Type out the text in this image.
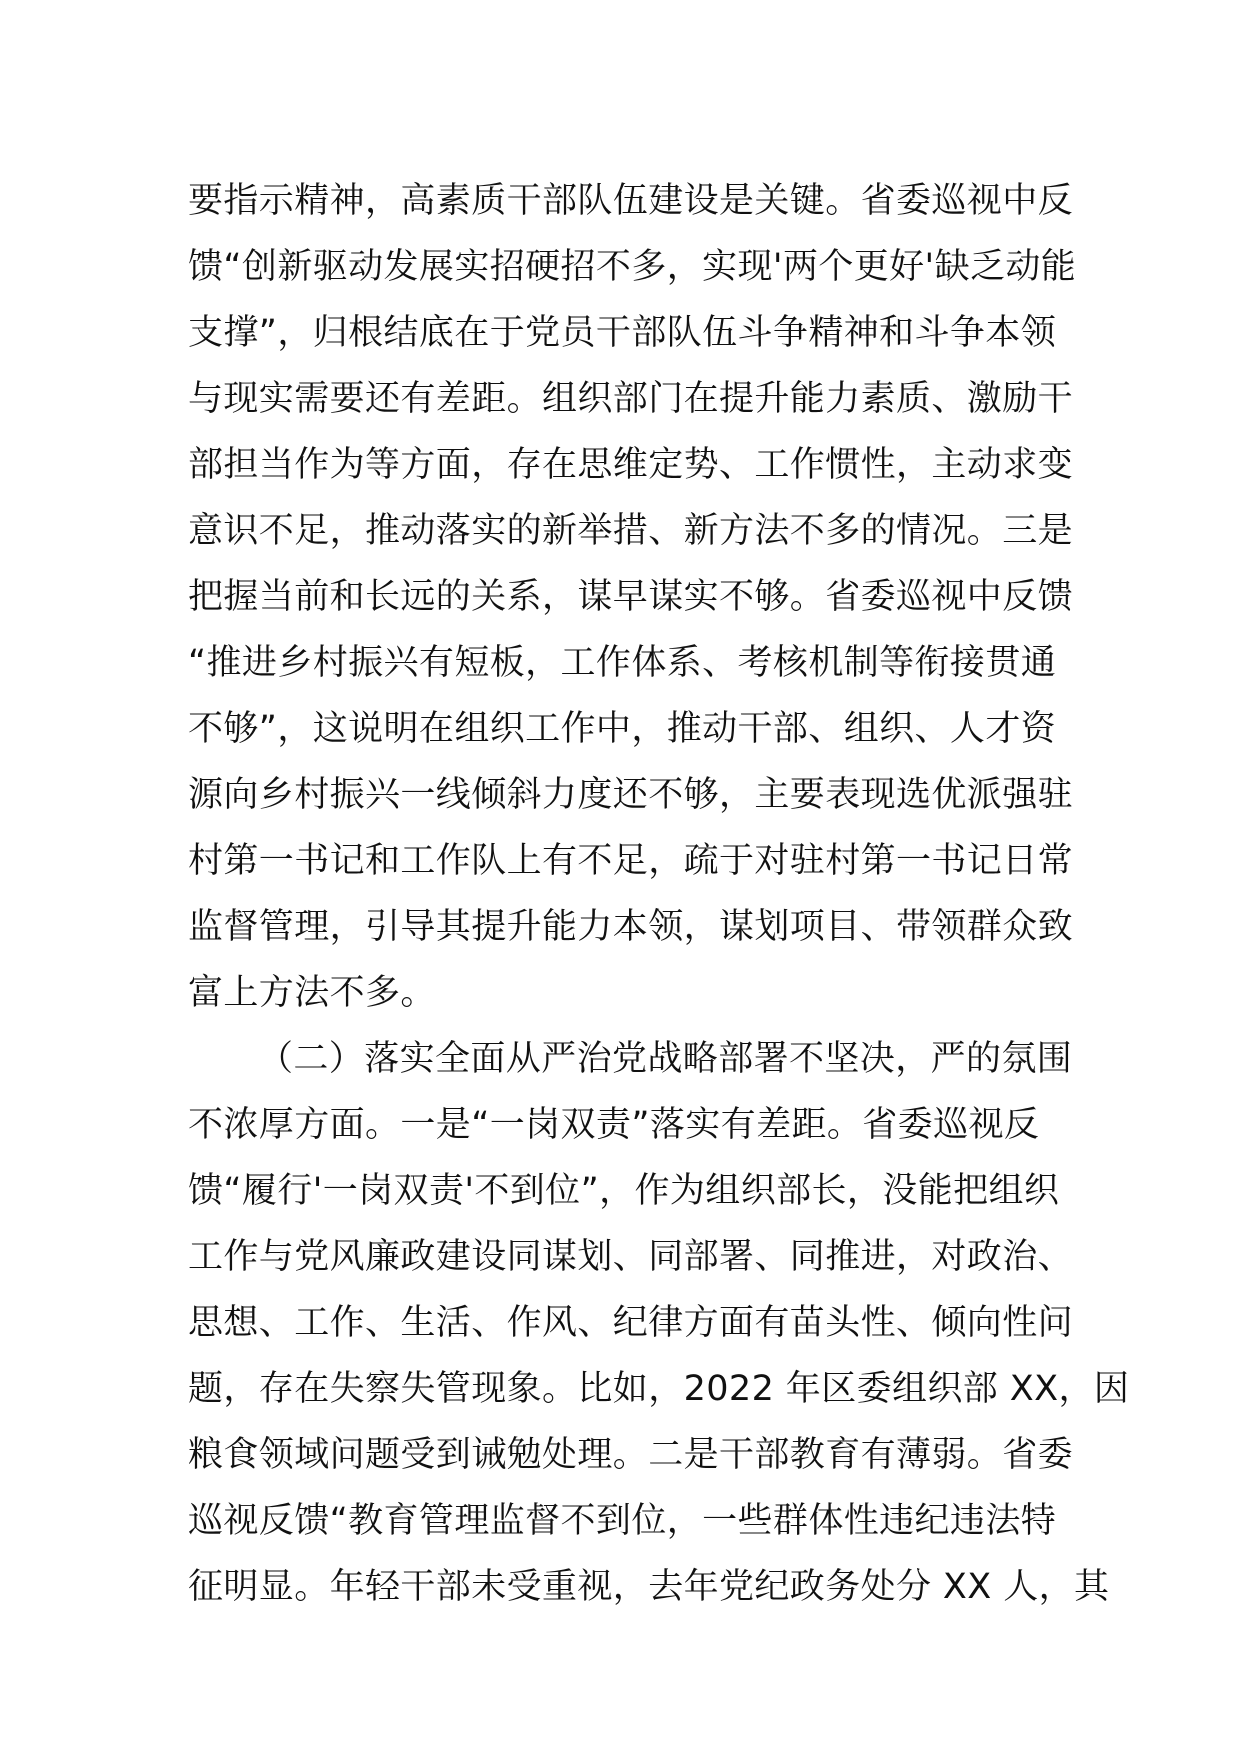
要指示精神，高素质干部队伍建设是关键。省委巡视中反
馈“创新驱动发展实招硬招不多，实现'两个更好'缺乏动能
支撑”，归根结底在于党员干部队伍斗争精神和斗争本领
与现实需要还有差距。组织部门在提升能力素质、激励干
部担当作为等方面，存在思维定势、工作惯性，主动求变
意识不足，推动落实的新举措、新方法不多的情况。三是
把握当前和长远的关系，谋早谋实不够。省委巡视中反馈
“推进乡村振兴有短板，工作体系、考核机制等衔接贯通
不够”，这说明在组织工作中，推动干部、组织、人才资
源向乡村振兴一线倾斜力度还不够，主要表现选优派强驻
村第一书记和工作队上有不足，疏于对驻村第一书记日常
监督管理，引导其提升能力本领，谋划项目、带领群众致
富上方法不多。
（二）落实全面从严治党战略部署不坚决，严的氛围
不浓厚方面。一是“一岗双责”落实有差距。省委巡视反
馈“履行'一岗双责'不到位”，作为组织部长，没能把组织
工作与党风廉政建设同谋划、同部署、同推进，对政治、
思想、工作、生活、作风、纪律方面有苗头性、倾向性问
题，存在失察失管现象。比如，2022 年区委组织部 XX，因
粮食领域问题受到诫勉处理。二是干部教育有薄弱。省委
巡视反馈“教育管理监督不到位，一些群体性违纪违法特
征明显。年轻干部未受重视，去年党纪政务处分 XX 人，其
